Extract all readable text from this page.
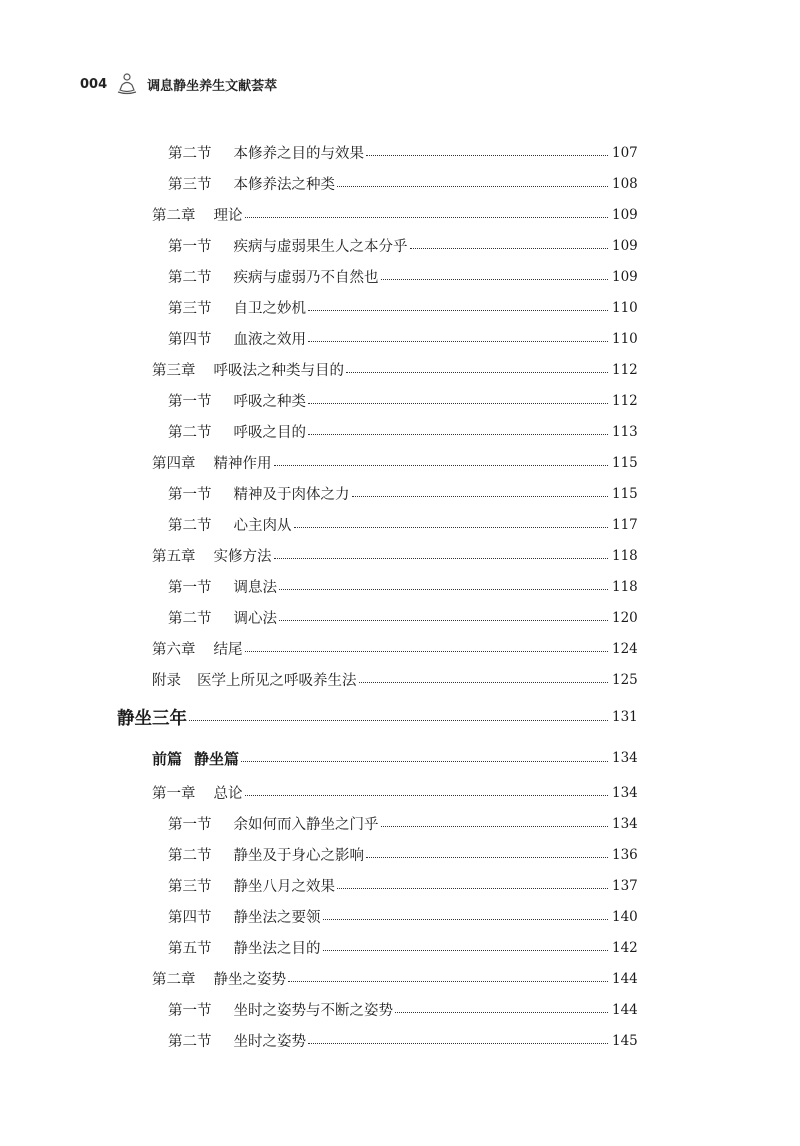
004	调息静坐养生文献荟萃
第二节 本修养之目的与效果	107
第三节 本修养法之种类	108
第二章 理论	109
第一节 疾病与虚弱果生人之本分乎	109
第二节 疾病与虚弱乃不自然也	109
第三节 自卫之妙机	110
第四节 血液之效用	110
第三章 呼吸法之种类与目的	112
第一节 呼吸之种类	112
第二节 呼吸之目的	113
第四章 精神作用	115
第一节 精神及于肉体之力	115
第二节 心主肉从	117
第五章 实修方法	118
第一节 调息法	118
第二节 调心法	120
第六章 结尾	124
附录 医学上所见之呼吸养生法	125
静坐三年	131
前篇 静坐篇	134
第一章 总论	134
第一节 余如何而入静坐之门乎	134
第二节 静坐及于身心之影响	136
第三节 静坐八月之效果	137
第四节 静坐法之要领	140
第五节 静坐法之目的	142
第二章 静坐之姿势	144
第一节 坐时之姿势与不断之姿势	144
第二节 坐时之姿势	145
